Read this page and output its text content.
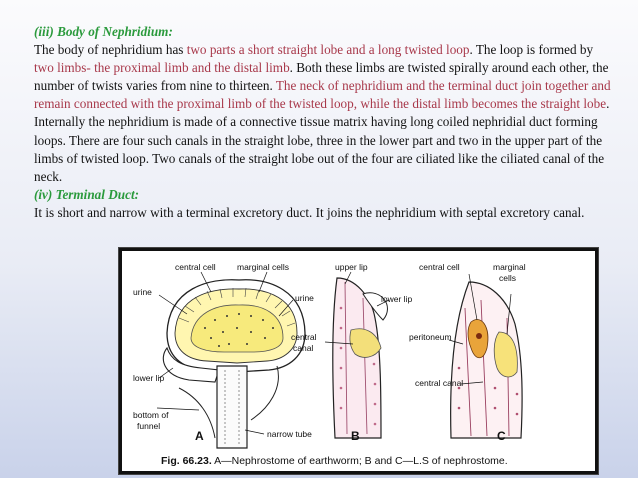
(iii) Body of Nephridium:

The body of nephridium has two parts a short straight lobe and a long twisted loop. The loop is formed by two limbs- the proximal limb and the distal limb. Both these limbs are twisted spirally around each other, the number of twists varies from nine to thirteen. The neck of nephridium and the terminal duct join together and remain connected with the proximal limb of the twisted loop, while the distal limb becomes the straight lobe.

Internally the nephridium is made of a connective tissue matrix having long coiled nephridial duct forming loops. There are four such canals in the straight lobe, three in the lower part and two in the upper part of the limbs of twisted loop. Two canals of the straight lobe out of the four are ciliated like the ciliated canal of the neck.

(iv) Terminal Duct:

It is short and narrow with a terminal excretory duct. It joins the nephridium with septal excretory canal.

central cell	marginal cells
urine
urine
lower lip
narrow tube
bottom of
funnel
A
upper lip
lower lip
central
canal
B
central cell	marginal
cells
peritoneum
central canal
C
Fig. 66.23. A—Nephrostome of earthworm; B and C—L.S of nephrostome.
